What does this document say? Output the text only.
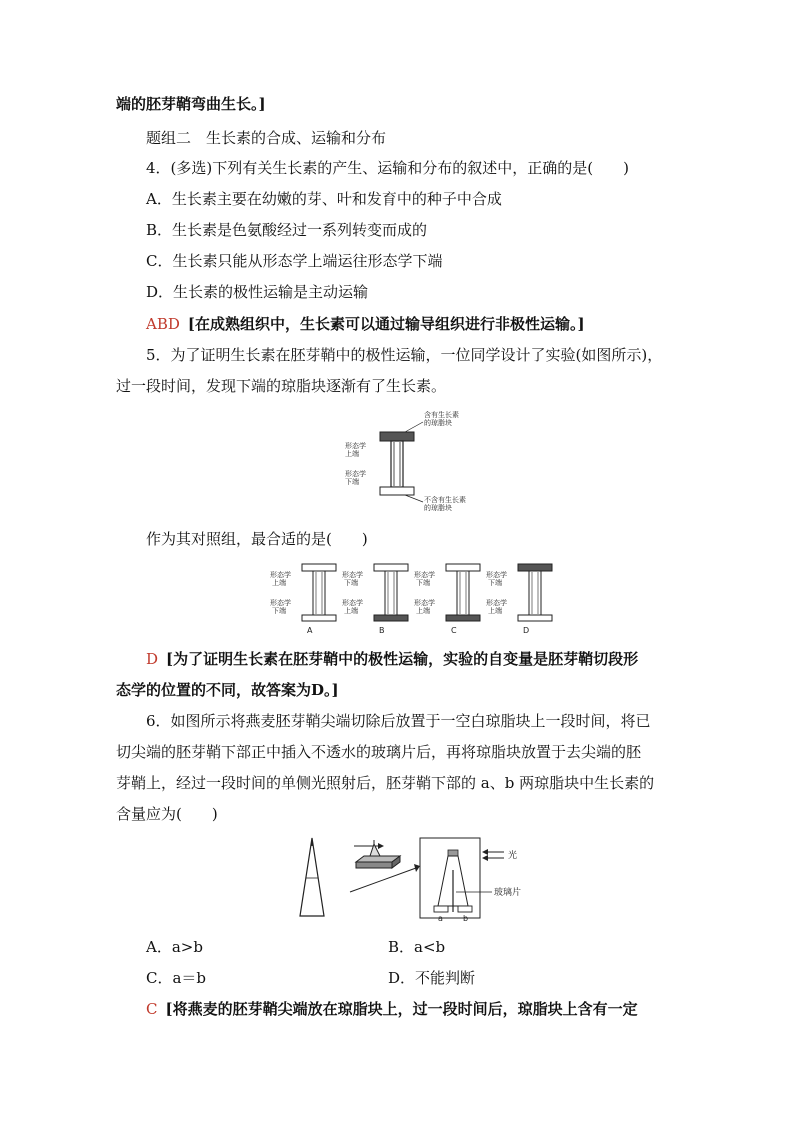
端的胚芽鞘弯曲生长。]
题组二　生长素的合成、运输和分布
4．(多选)下列有关生长素的产生、运输和分布的叙述中，正确的是(　　)
A．生长素主要在幼嫩的芽、叶和发育中的种子中合成
B．生长素是色氨酸经过一系列转变而成的
C．生长素只能从形态学上端运往形态学下端
D．生长素的极性运输是主动运输
ABD [在成熟组织中，生长素可以通过输导组织进行非极性运输。]
5．为了证明生长素在胚芽鞘中的极性运输，一位同学设计了实验(如图所示)，
过一段时间，发现下端的琼脂块逐渐有了生长素。
含有生长素
的琼脂块
形态学
上端
形态学
下端
不含有生长素
的琼脂块
作为其对照组，最合适的是(　　)
形态学
上端
形态学
下端
A
形态学
下端
形态学
上端
B
形态学
下端
形态学
上端
C
形态学
下端
形态学
上端
D
D [为了证明生长素在胚芽鞘中的极性运输，实验的自变量是胚芽鞘切段形
态学的位置的不同，故答案为D。]
6．如图所示将燕麦胚芽鞘尖端切除后放置于一空白琼脂块上一段时间，将已
切尖端的胚芽鞘下部正中插入不透水的玻璃片后，再将琼脂块放置于去尖端的胚
芽鞘上，经过一段时间的单侧光照射后，胚芽鞘下部的 a、b 两琼脂块中生长素的
含量应为(　　)
a	b
光
玻璃片
A．a>b	B．a<b
C．a＝b	D．不能判断
C [将燕麦的胚芽鞘尖端放在琼脂块上，过一段时间后，琼脂块上含有一定
